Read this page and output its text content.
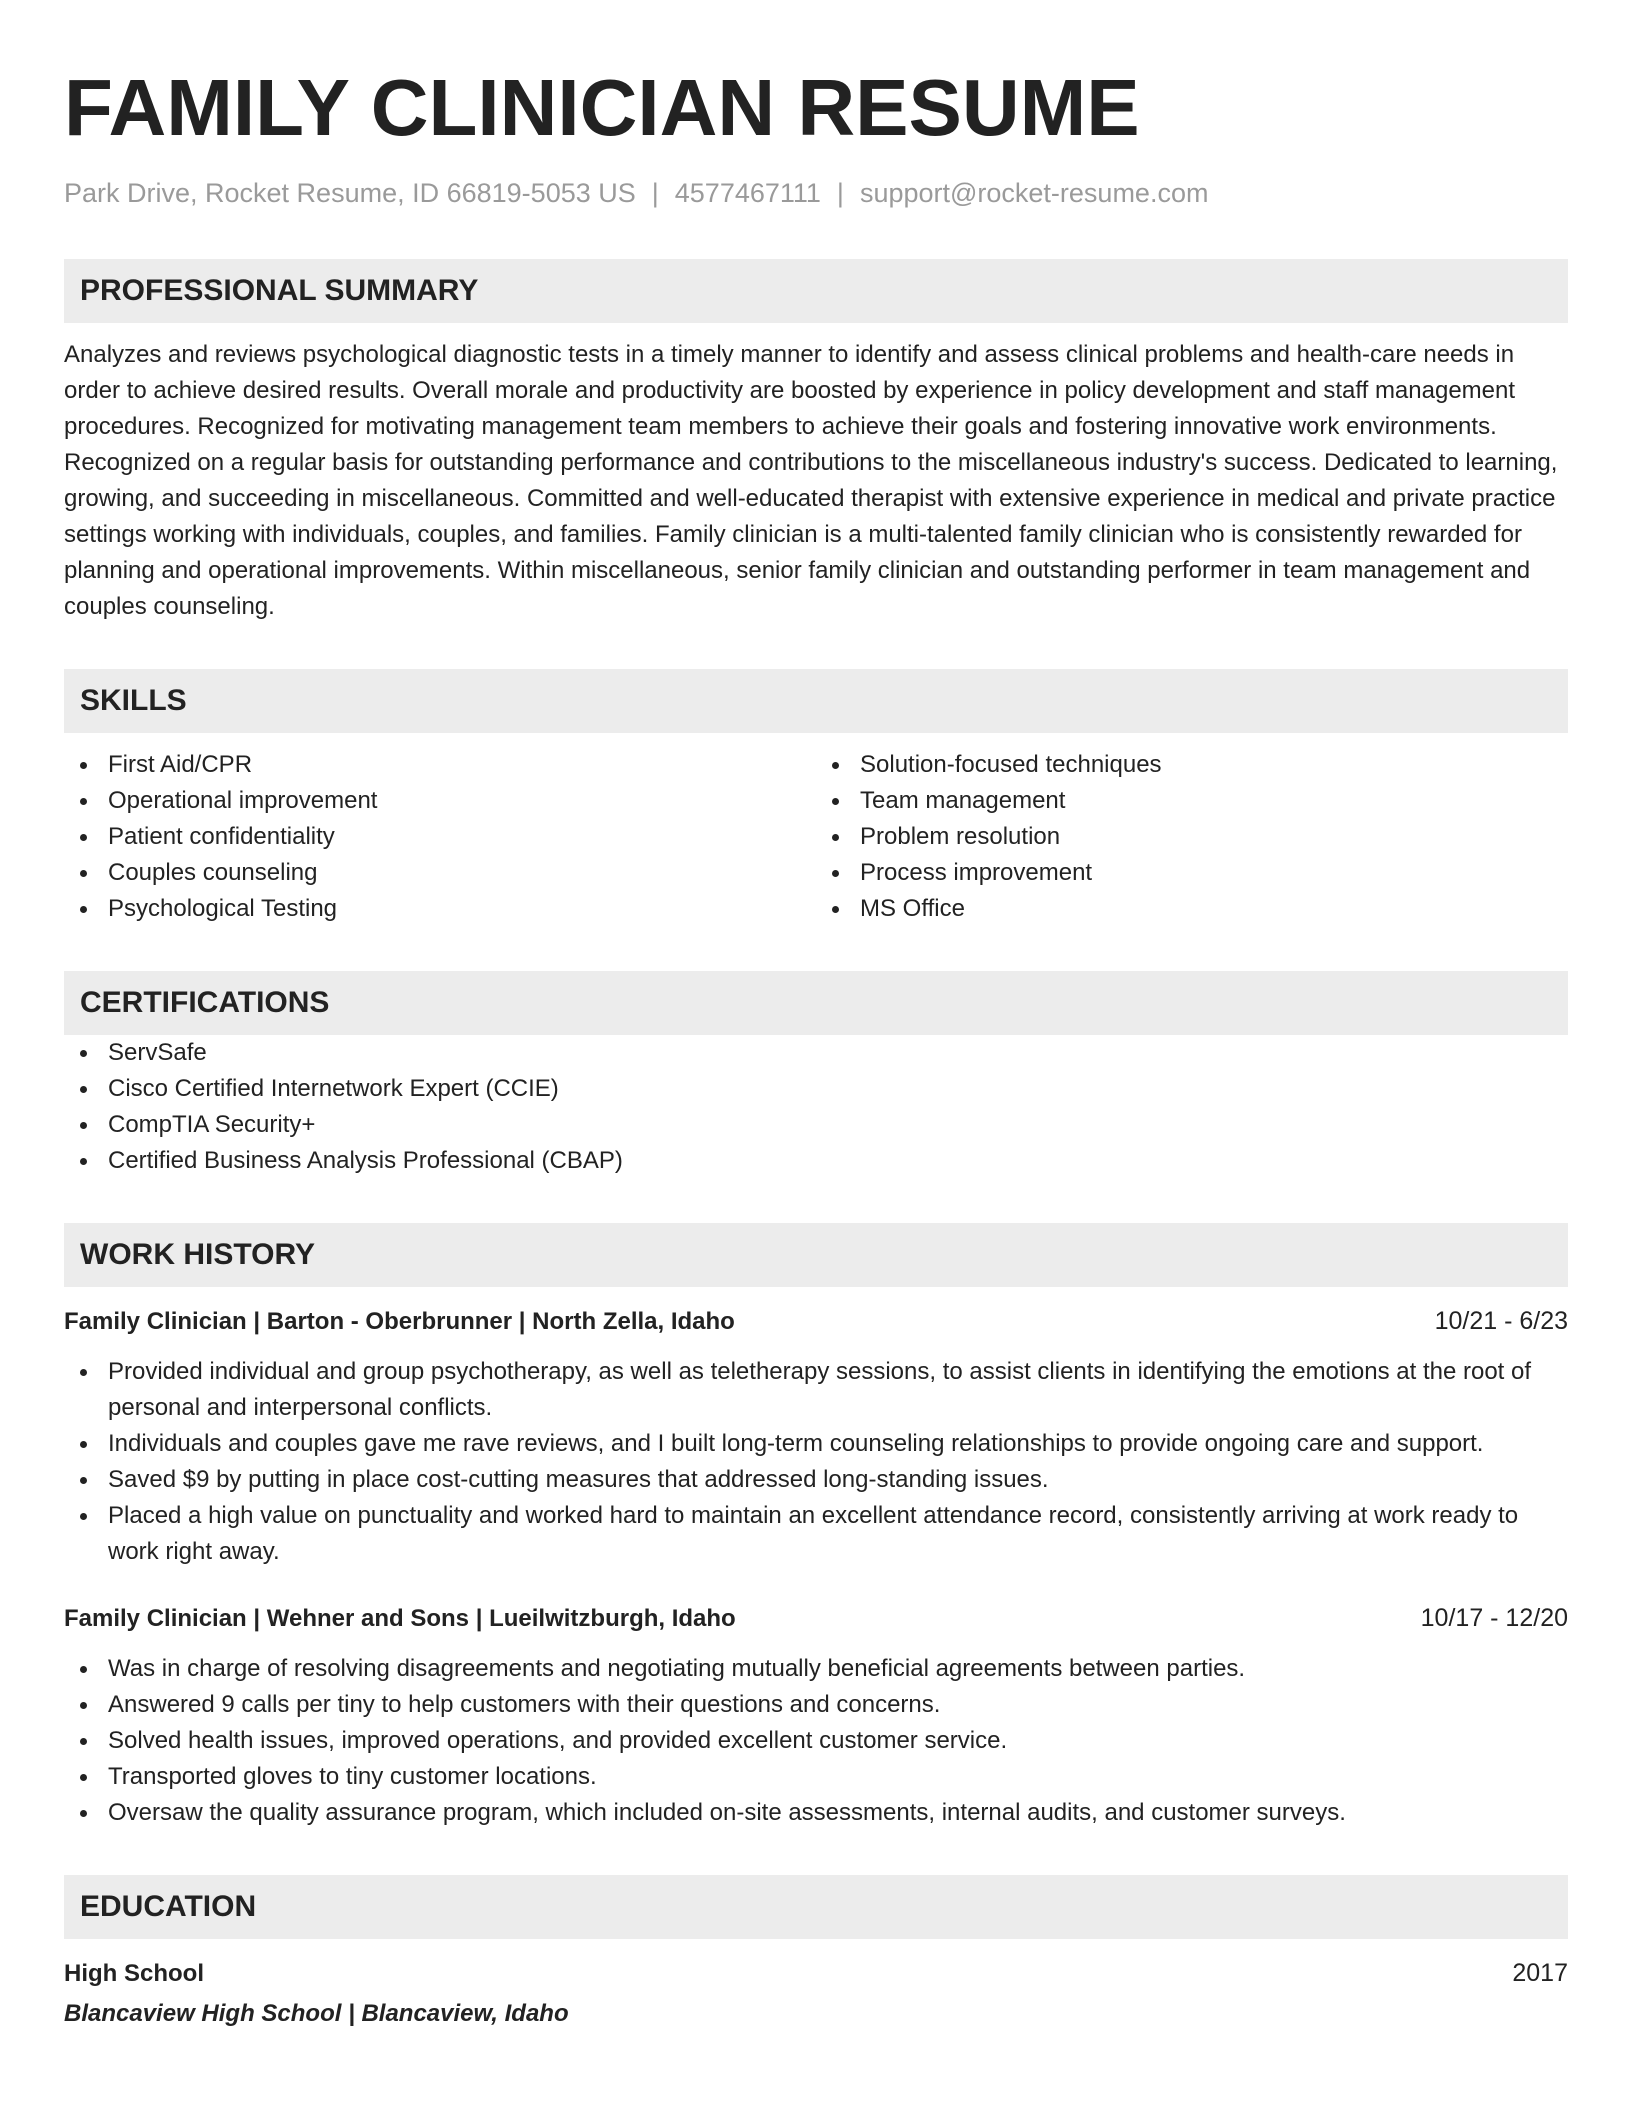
FAMILY CLINICIAN RESUME
Park Drive, Rocket Resume, ID 66819-5053 US | 4577467111 | support@rocket-resume.com
PROFESSIONAL SUMMARY
Analyzes and reviews psychological diagnostic tests in a timely manner to identify and assess clinical problems and health-care needs in order to achieve desired results. Overall morale and productivity are boosted by experience in policy development and staff management procedures. Recognized for motivating management team members to achieve their goals and fostering innovative work environments. Recognized on a regular basis for outstanding performance and contributions to the miscellaneous industry's success. Dedicated to learning, growing, and succeeding in miscellaneous. Committed and well-educated therapist with extensive experience in medical and private practice settings working with individuals, couples, and families. Family clinician is a multi-talented family clinician who is consistently rewarded for planning and operational improvements. Within miscellaneous, senior family clinician and outstanding performer in team management and couples counseling.
SKILLS
First Aid/CPR
Operational improvement
Patient confidentiality
Couples counseling
Psychological Testing
Solution-focused techniques
Team management
Problem resolution
Process improvement
MS Office
CERTIFICATIONS
ServSafe
Cisco Certified Internetwork Expert (CCIE)
CompTIA Security+
Certified Business Analysis Professional (CBAP)
WORK HISTORY
Family Clinician | Barton - Oberbrunner | North Zella, Idaho	10/21 - 6/23
Provided individual and group psychotherapy, as well as teletherapy sessions, to assist clients in identifying the emotions at the root of personal and interpersonal conflicts.
Individuals and couples gave me rave reviews, and I built long-term counseling relationships to provide ongoing care and support.
Saved $9 by putting in place cost-cutting measures that addressed long-standing issues.
Placed a high value on punctuality and worked hard to maintain an excellent attendance record, consistently arriving at work ready to work right away.
Family Clinician | Wehner and Sons | Lueilwitzburgh, Idaho	10/17 - 12/20
Was in charge of resolving disagreements and negotiating mutually beneficial agreements between parties.
Answered 9 calls per tiny to help customers with their questions and concerns.
Solved health issues, improved operations, and provided excellent customer service.
Transported gloves to tiny customer locations.
Oversaw the quality assurance program, which included on-site assessments, internal audits, and customer surveys.
EDUCATION
High School	2017
Blancaview High School | Blancaview, Idaho
